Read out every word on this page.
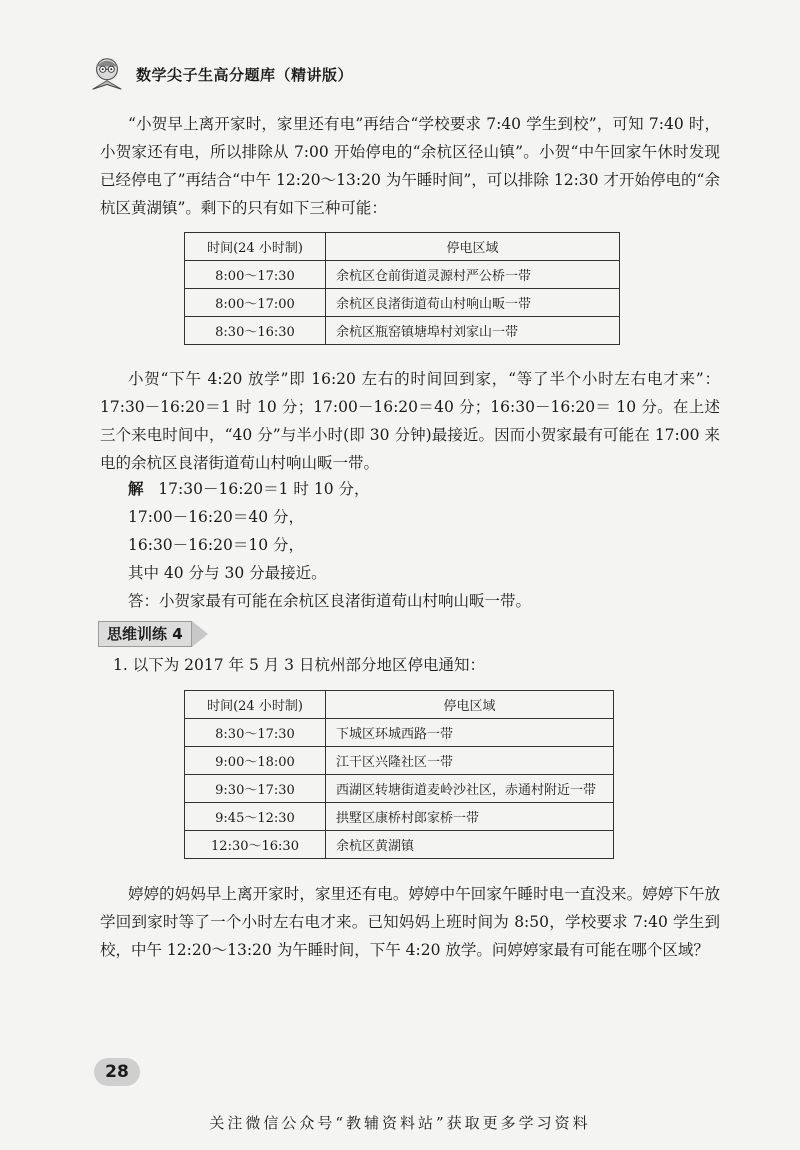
数学尖子生高分题库（精讲版）

“小贺早上离开家时，家里还有电”再结合“学校要求 7:40 学生到校”，可知 7:40 时，小贺家还有电，所以排除从 7:00 开始停电的“余杭区径山镇”。小贺“中午回家午休时发现已经停电了”再结合“中午 12:20～13:20 为午睡时间”，可以排除 12:30 才开始停电的“余杭区黄湖镇”。剩下的只有如下三种可能：

时间(24 小时制)	停电区域
8:00～17:30	余杭区仓前街道灵源村严公桥一带
8:00～17:00	余杭区良渚街道荀山村响山畈一带
8:30～16:30	余杭区瓶窑镇塘埠村刘家山一带

小贺“下午 4:20 放学”即 16:20 左右的时间回到家，“等了半个小时左右电才来”：17:30－16:20＝1 时 10 分；17:00－16:20＝40 分；16:30－16:20＝ 10 分。在上述三个来电时间中，“40 分”与半小时(即 30 分钟)最接近。因而小贺家最有可能在 17:00 来电的余杭区良渚街道荀山村响山畈一带。

解 17:30－16:20＝1 时 10 分，
17:00－16:20＝40 分，
16:30－16:20＝10 分，
其中 40 分与 30 分最接近。
答：小贺家最有可能在余杭区良渚街道荀山村响山畈一带。
思维训练 4
1. 以下为 2017 年 5 月 3 日杭州部分地区停电通知：
时间(24 小时制)	停电区域
8:30～17:30	下城区环城西路一带
9:00～18:00	江干区兴隆社区一带
9:30～17:30	西湖区转塘街道麦岭沙社区，赤通村附近一带
9:45～12:30	拱墅区康桥村郎家桥一带
12:30～16:30	余杭区黄湖镇

婷婷的妈妈早上离开家时，家里还有电。婷婷中午回家午睡时电一直没来。婷婷下午放学回到家时等了一个小时左右电才来。已知妈妈上班时间为 8:50，学校要求 7:40 学生到校，中午 12:20～13:20 为午睡时间，下午 4:20 放学。问婷婷家最有可能在哪个区域？

28
关注微信公众号“教辅资料站”获取更多学习资料
